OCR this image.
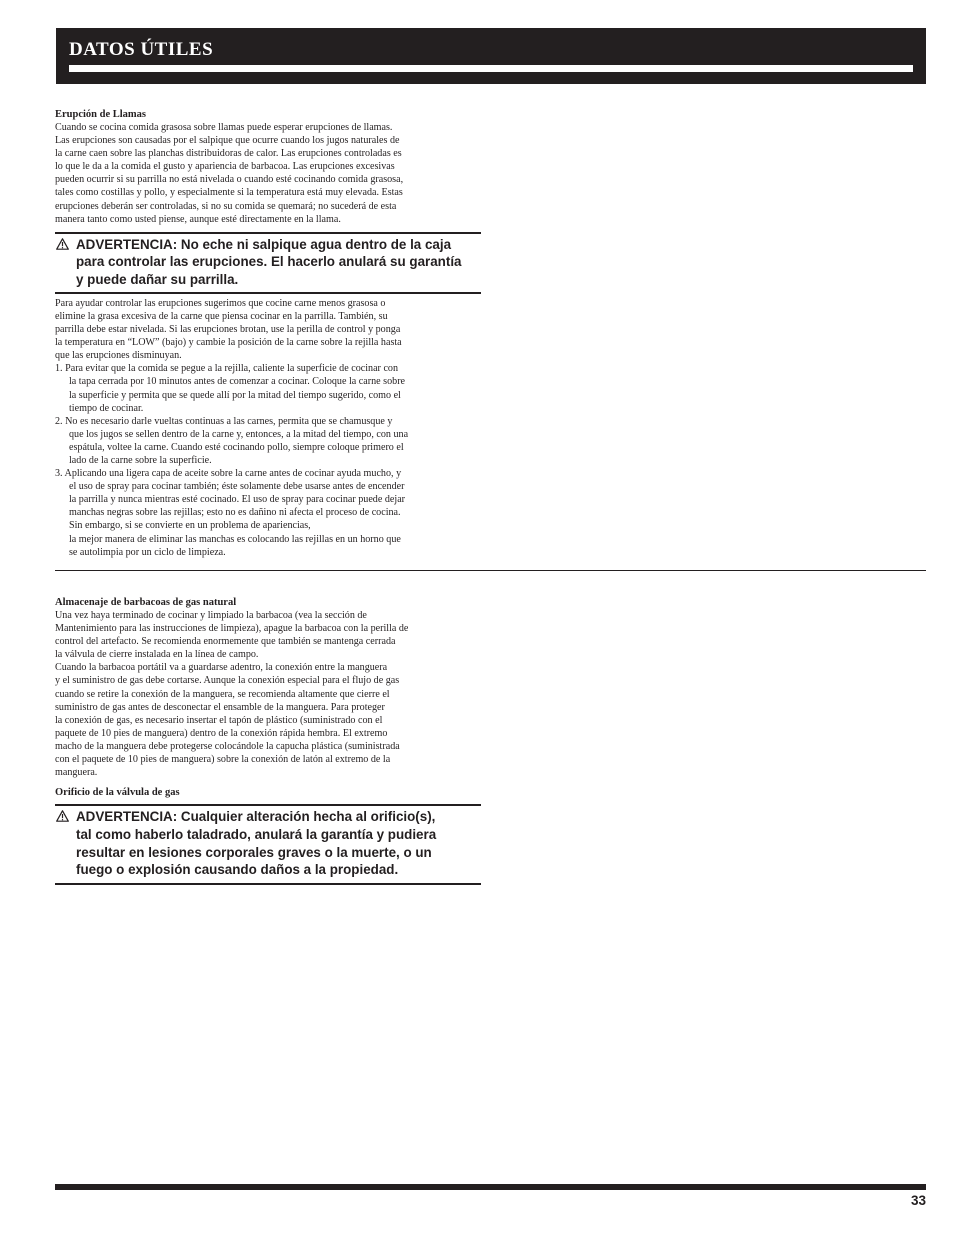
DATOS ÚTILES
Erupción de Llamas
Cuando se cocina comida grasosa sobre llamas puede esperar erupciones de llamas.
Las erupciones son causadas por el salpique que ocurre cuando los jugos naturales de
la carne caen sobre las planchas distribuidoras de calor. Las erupciones controladas es
lo que le da a la comida el gusto y apariencia de barbacoa. Las erupciones excesivas
pueden ocurrir si su parrilla no está nivelada o cuando esté cocinando comida grasosa,
tales como costillas y pollo, y especialmente si la temperatura está muy elevada. Estas
erupciones deberán ser controladas, si no su comida se quemará; no sucederá de esta
manera tanto como usted piense, aunque esté directamente en la llama.
ADVERTENCIA: No eche ni salpique agua dentro de la caja
para controlar las erupciones. El hacerlo anulará su garantía
y puede dañar su parrilla.
Para ayudar controlar las erupciones sugerimos que cocine carne menos grasosa o
elimine la grasa excesiva de la carne que piensa cocinar en la parrilla. También, su
parrilla debe estar nivelada. Si las erupciones brotan, use la perilla de control y ponga
la temperatura en “LOW” (bajo) y cambie la posición de la carne sobre la rejilla hasta
que las erupciones disminuyan.
1. Para evitar que la comida se pegue a la rejilla, caliente la superficie de cocinar con
la tapa cerrada por 10 minutos antes de comenzar a cocinar. Coloque la carne sobre
la superficie y permita que se quede allí por la mitad del tiempo sugerido, como el
tiempo de cocinar.
2. No es necesario darle vueltas continuas a las carnes, permita que se chamusque y
que los jugos se sellen dentro de la carne y, entonces, a la mitad del tiempo, con una
espátula, voltee la carne. Cuando esté cocinando pollo, siempre coloque primero el
lado de la carne sobre la superficie.
3. Aplicando una ligera capa de aceite sobre la carne antes de cocinar ayuda mucho, y
el uso de spray para cocinar también; éste solamente debe usarse antes de encender
la parrilla y nunca mientras esté cocinado. El uso de spray para cocinar puede dejar
manchas negras sobre las rejillas; esto no es dañino ni afecta el proceso de cocina.
Sin embargo, si se convierte en un problema de apariencias,
la mejor manera de eliminar las manchas es colocando las rejillas en un horno que
se autolimpia por un ciclo de limpieza.
Almacenaje de barbacoas de gas natural
Una vez haya terminado de cocinar y limpiado la barbacoa (vea la sección de
Mantenimiento para las instrucciones de limpieza), apague la barbacoa con la perilla de
control del artefacto. Se recomienda enormemente que también se mantenga cerrada
la válvula de cierre instalada en la línea de campo.
Cuando la barbacoa portátil va a guardarse adentro, la conexión entre la manguera
y el suministro de gas debe cortarse. Aunque la conexión especial para el flujo de gas
cuando se retire la conexión de la manguera, se recomienda altamente que cierre el
suministro de gas antes de desconectar el ensamble de la manguera. Para proteger
la conexión de gas, es necesario insertar el tapón de plástico (suministrado con el
paquete de 10 pies de manguera) dentro de la conexión rápida hembra. El extremo
macho de la manguera debe protegerse colocándole la capucha plástica (suministrada
con el paquete de 10 pies de manguera) sobre la conexión de latón al extremo de la
manguera.
Orificio de la válvula de gas
ADVERTENCIA: Cualquier alteración hecha al orificio(s),
tal como haberlo taladrado, anulará la garantía y pudiera
resultar en lesiones corporales graves o la muerte, o un
fuego o explosión causando daños a la propiedad.
33
